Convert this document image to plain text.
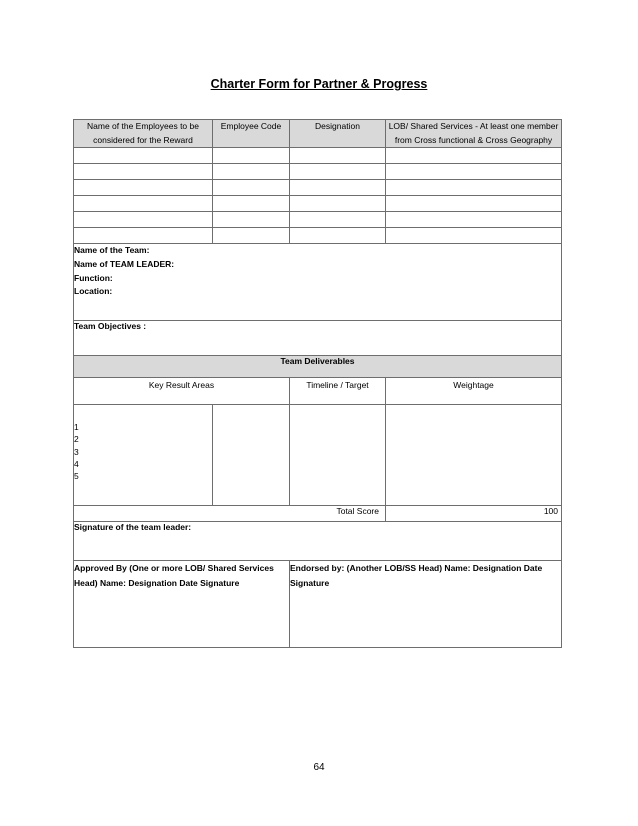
Charter Form for Partner & Progress
Name of the Employees to be considered for the Reward	Employee Code	Designation	LOB/ Shared Services - At least one member from Cross functional & Cross Geography

Name of the Team:
Name of TEAM LEADER:
Function:
Location:			

Team Objectives :			
Team Deliverables			
Key Result Areas		Timeline / Target	Weightage

1
2
3
4
5			

Total Score			100
Signature of the team leader:			
Approved By (One or more LOB/ Shared Services Head) Name: Designation Date Signature		Endorsed by: (Another LOB/SS Head) Name: Designation Date Signature	
64
